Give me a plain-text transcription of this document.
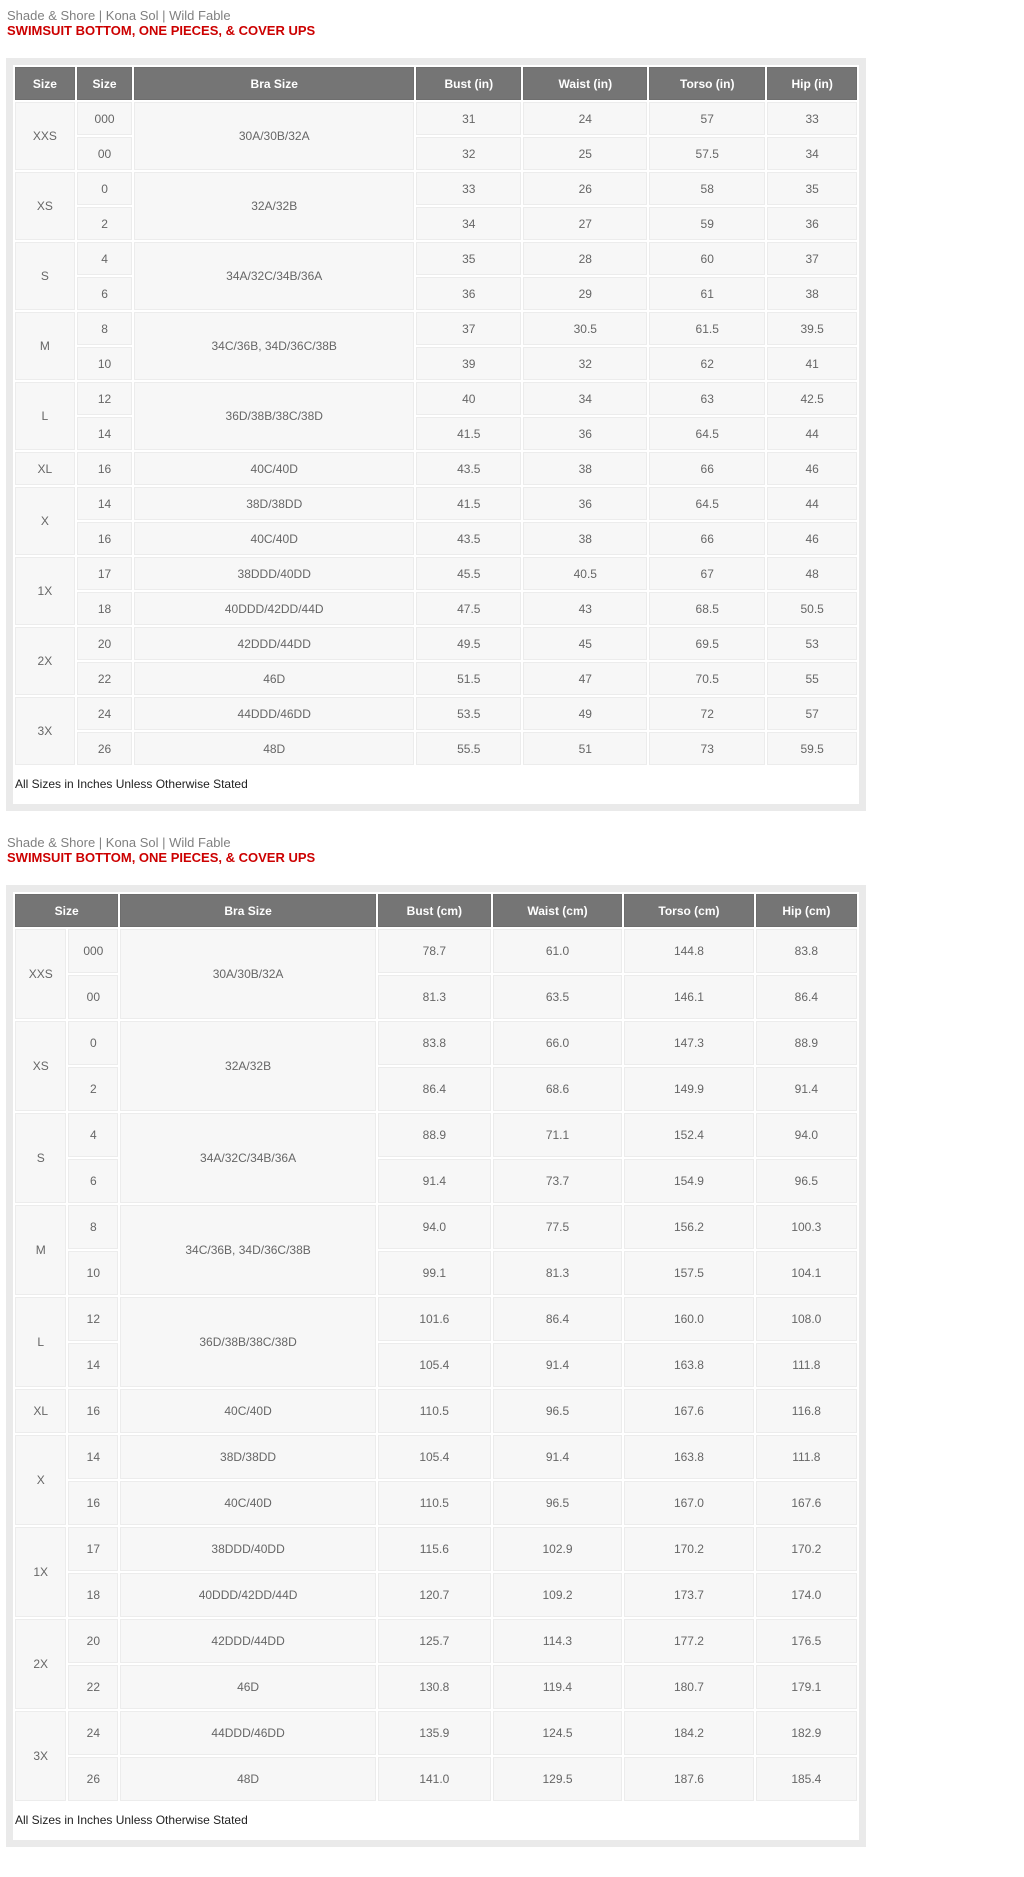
Shade & Shore | Kona Sol | Wild Fable
SWIMSUIT BOTTOM, ONE PIECES, & COVER UPS
Size	Size	Bra Size	Bust (in)	Waist (in)	Torso (in)	Hip (in)
XXS	000	30A/30B/32A	31	24	57	33
	00		32	25	57.5	34
XS	0	32A/32B	33	26	58	35
	2		34	27	59	36
S	4	34A/32C/34B/36A	35	28	60	37
	6		36	29	61	38
M	8	34C/36B, 34D/36C/38B	37	30.5	61.5	39.5
	10		39	32	62	41
L	12	36D/38B/38C/38D	40	34	63	42.5
	14		41.5	36	64.5	44
XL	16	40C/40D	43.5	38	66	46
X	14	38D/38DD	41.5	36	64.5	44
	16	40C/40D	43.5	38	66	46
1X	17	38DDD/40DD	45.5	40.5	67	48
	18	40DDD/42DD/44D	47.5	43	68.5	50.5
2X	20	42DDD/44DD	49.5	45	69.5	53
	22	46D	51.5	47	70.5	55
3X	24	44DDD/46DD	53.5	49	72	57
	26	48D	55.5	51	73	59.5
All Sizes in Inches Unless Otherwise Stated
Shade & Shore | Kona Sol | Wild Fable
SWIMSUIT BOTTOM, ONE PIECES, & COVER UPS
Size		Bra Size	Bust (cm)	Waist (cm)	Torso (cm)	Hip (cm)
XXS	000	30A/30B/32A	78.7	61.0	144.8	83.8
	00		81.3	63.5	146.1	86.4
XS	0	32A/32B	83.8	66.0	147.3	88.9
	2		86.4	68.6	149.9	91.4
S	4	34A/32C/34B/36A	88.9	71.1	152.4	94.0
	6		91.4	73.7	154.9	96.5
M	8	34C/36B, 34D/36C/38B	94.0	77.5	156.2	100.3
	10		99.1	81.3	157.5	104.1
L	12	36D/38B/38C/38D	101.6	86.4	160.0	108.0
	14		105.4	91.4	163.8	111.8
XL	16	40C/40D	110.5	96.5	167.6	116.8
X	14	38D/38DD	105.4	91.4	163.8	111.8
	16	40C/40D	110.5	96.5	167.0	167.6
1X	17	38DDD/40DD	115.6	102.9	170.2	170.2
	18	40DDD/42DD/44D	120.7	109.2	173.7	174.0
2X	20	42DDD/44DD	125.7	114.3	177.2	176.5
	22	46D	130.8	119.4	180.7	179.1
3X	24	44DDD/46DD	135.9	124.5	184.2	182.9
	26	48D	141.0	129.5	187.6	185.4
All Sizes in Inches Unless Otherwise Stated
